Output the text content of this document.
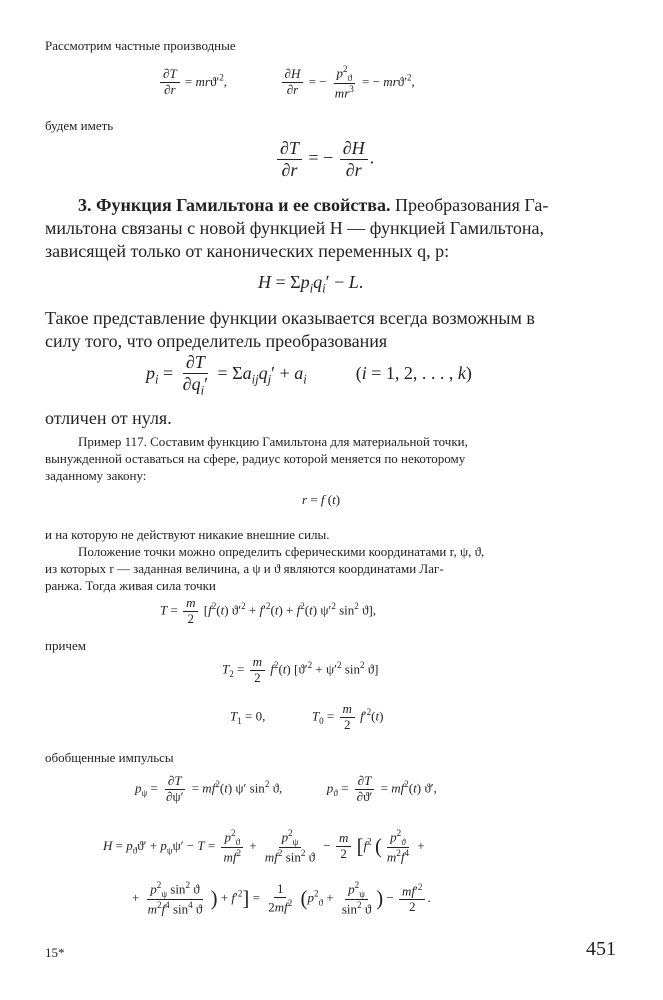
Рассмотрим частные производные
$\frac{\partial T}{\partial r} = mrϑ'^2$,	$\frac{\partial H}{\partial r}$ = − $\frac{p^2_ϑ}{mr^3}$ = − $mrϑ'^2$,
будем иметь
$\frac{\partial T}{\partial r}$ = − $\frac{\partial H}{\partial r}$ .
3. Функция Гамильтона и ее свойства. Преобразования Га-
мильтона связаны с новой функцией H — функцией Гамильтона,
зависящей только от канонических переменных q, p:
$H = \Sigma p_iq_i' - L$.
Такое представление функции оказывается всегда возможным в
силу того, что определитель преобразования
$p_i = \frac{\partial T}{\partial q_i'} = \Sigma a_{ij}q_j' + a_i$  (i = 1, 2, . . . , k)
отличен от нуля.
Пример 117. Составим функцию Гамильтона для материальной точки,
вынужденной оставаться на сфере, радиус которой меняется по некоторому
заданному закону:
r = f (t)
и на которую не действуют никакие внешние силы.
Положение точки можно определить сферическими координатами r, ψ, ϑ,
из которых r — заданная величина, а ψ и ϑ являются координатами Лаг-
ранжа. Тогда живая сила точки
$T = \frac{m}{2} [f^2(t) ϑ'^2 + f'^2(t) + f^2(t)$ $\psi'^2$ $\sin^2 ϑ$],
причем
$T_2 = \frac{m}{2} f^2(t) [ϑ'^2 + \psi'^2$ $\sin^2 ϑ$]
$T_1 = 0$,	$T_0 = \frac{m}{2} f'^2(t)$
обобщенные импульсы
$p_\psi = \frac{\partial T}{\partial\psi'} = mf^2(t)$ ψ′ $\sin^2 ϑ$,	$p_ϑ = \frac{\partial T}{\partial ϑ'} = mf^2(t)$ ϑ′,
$H = p_ϑϑ' + p_\psi\psi' - T = \frac{p^2_ϑ}{mf^2} + \frac{p^2_\psi}{mf^2 \sin^2 ϑ} - \frac{m}{2} [f^2$ ( $\frac{p^2_ϑ}{m^2f^4}$ +
+ $\frac{p^2_\psi \sin^2 ϑ}{m^2f^4 \sin^4 ϑ}$ ) + $f'^2] = \frac{1}{2mf^2} (p^2_ϑ + \frac{p^2_\psi}{\sin^2 ϑ}$ ) − $\frac{mf'^2}{2}$ .
15*	451
